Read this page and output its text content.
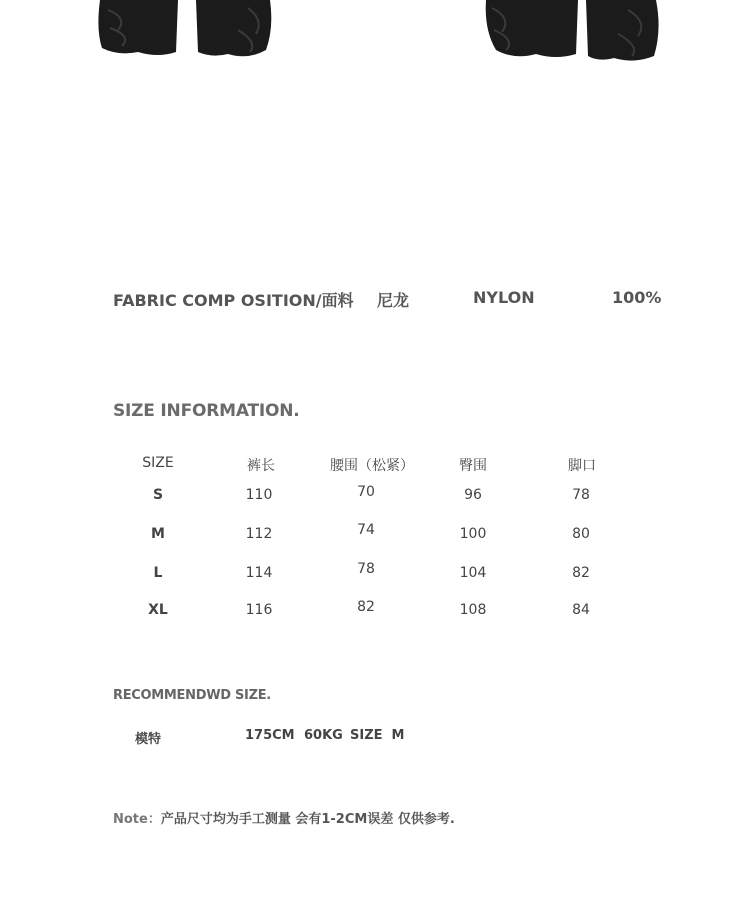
FABRIC COMP OSITION/面料 尼龙	NYLON	100%
SIZE INFORMATION.
SIZE	裤长	腰围（松紧）	臀围	脚口
S	110	70	96	78
M	112	74	100	80
L	114	78	104	82
XL	116	82	108	84
RECOMMENDWD SIZE.
模特	175CM 60KG SIZE  M
Note：产品尺寸均为手工测量 会有1-2CM误差 仅供参考.
